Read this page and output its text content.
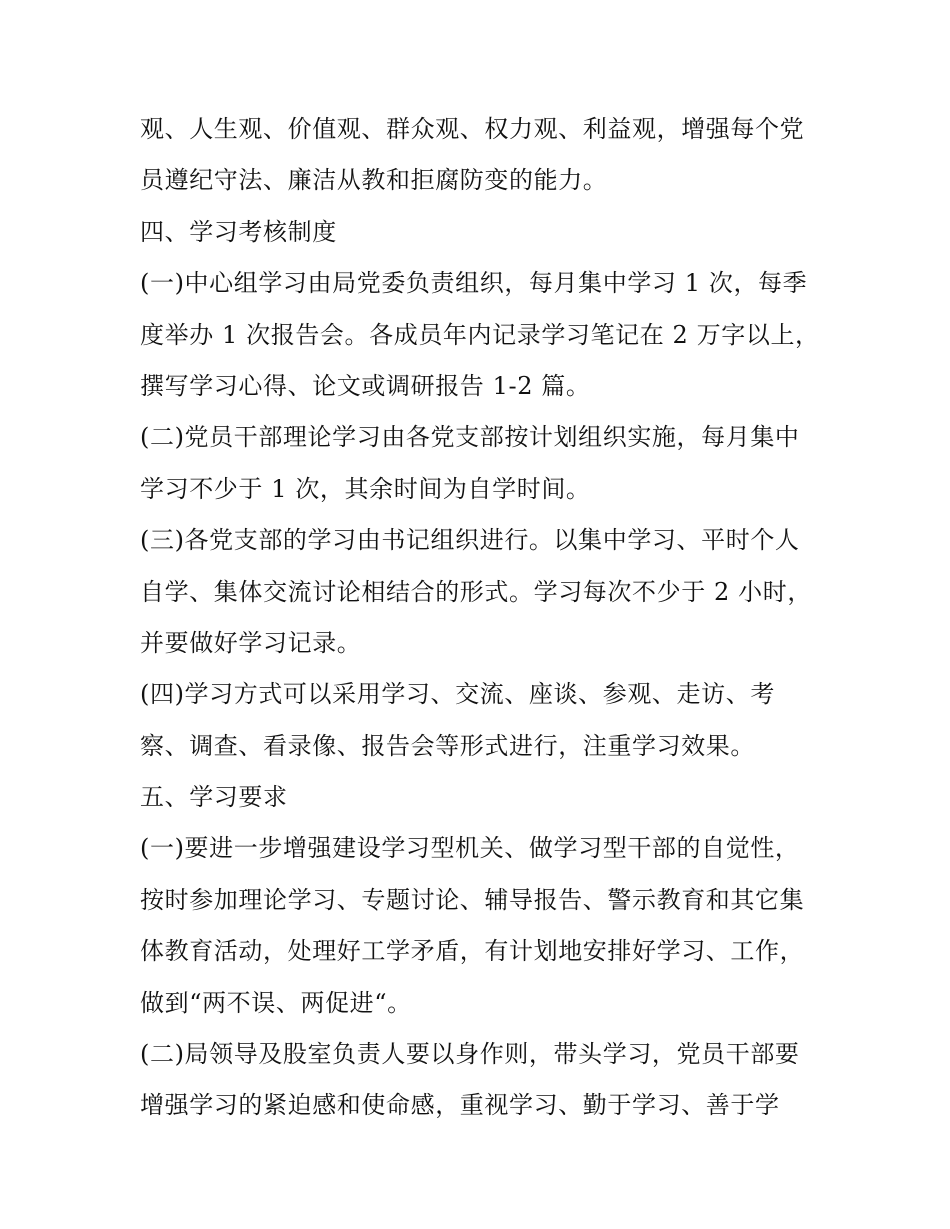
观、人生观、价值观、群众观、权力观、利益观，增强每个党
员遵纪守法、廉洁从教和拒腐防变的能力。
四、学习考核制度
(一)中心组学习由局党委负责组织，每月集中学习 1 次，每季
度举办 1 次报告会。各成员年内记录学习笔记在 2 万字以上，
撰写学习心得、论文或调研报告 1-2 篇。
(二)党员干部理论学习由各党支部按计划组织实施，每月集中
学习不少于 1 次，其余时间为自学时间。
(三)各党支部的学习由书记组织进行。以集中学习、平时个人
自学、集体交流讨论相结合的形式。学习每次不少于 2 小时，
并要做好学习记录。
(四)学习方式可以采用学习、交流、座谈、参观、走访、考
察、调查、看录像、报告会等形式进行，注重学习效果。
五、学习要求
(一)要进一步增强建设学习型机关、做学习型干部的自觉性，
按时参加理论学习、专题讨论、辅导报告、警示教育和其它集
体教育活动，处理好工学矛盾，有计划地安排好学习、工作，
做到“两不误、两促进“。
(二)局领导及股室负责人要以身作则，带头学习，党员干部要
增强学习的紧迫感和使命感，重视学习、勤于学习、善于学
